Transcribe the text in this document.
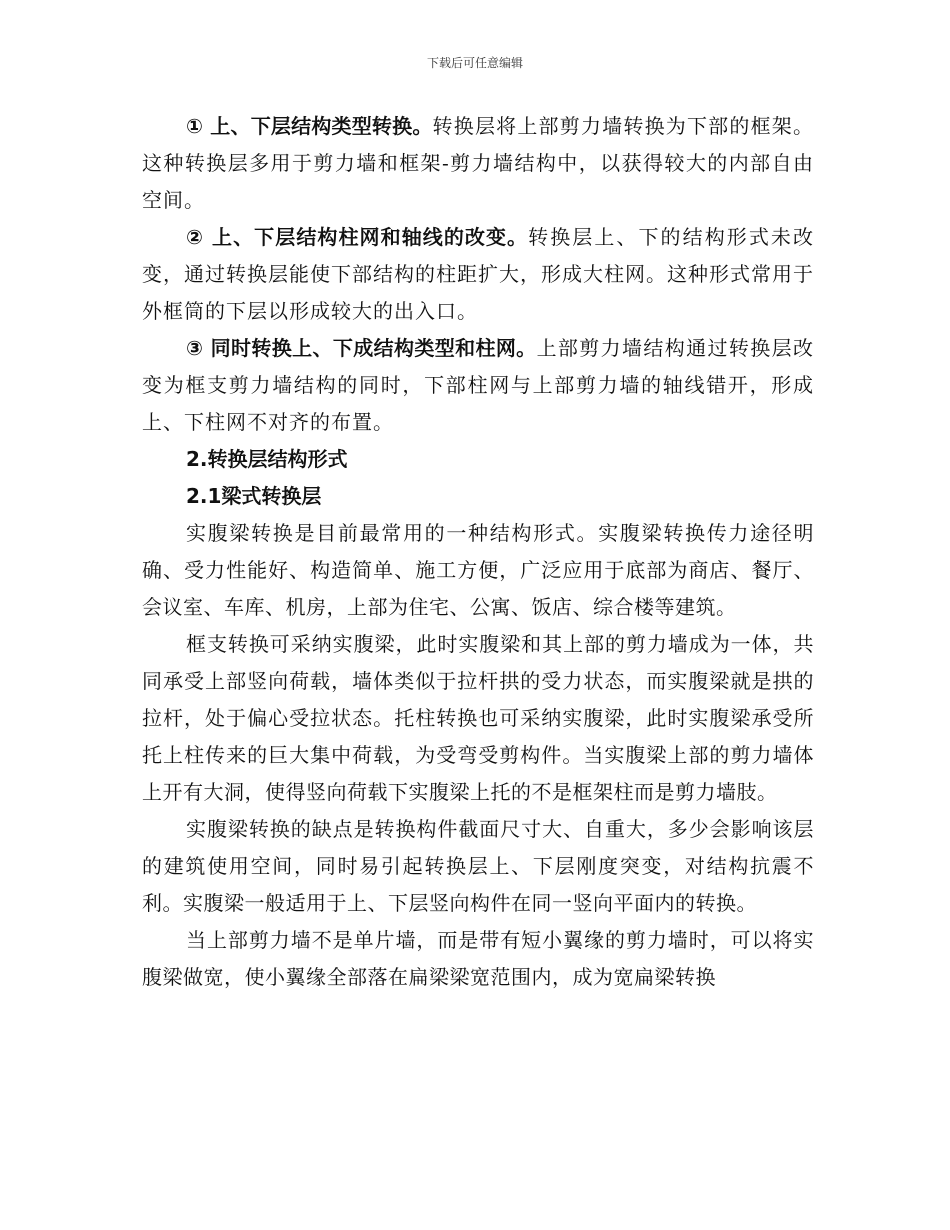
下载后可任意编辑

① 上、下层结构类型转换。转换层将上部剪力墙转换为下部的框架。这种转换层多用于剪力墙和框架-剪力墙结构中，以获得较大的内部自由空间。

② 上、下层结构柱网和轴线的改变。转换层上、下的结构形式未改变，通过转换层能使下部结构的柱距扩大，形成大柱网。这种形式常用于外框筒的下层以形成较大的出入口。

③ 同时转换上、下成结构类型和柱网。上部剪力墙结构通过转换层改变为框支剪力墙结构的同时，下部柱网与上部剪力墙的轴线错开，形成上、下柱网不对齐的布置。

2.转换层结构形式

2.1梁式转换层

实腹梁转换是目前最常用的一种结构形式。实腹梁转换传力途径明确、受力性能好、构造简单、施工方便，广泛应用于底部为商店、餐厅、会议室、车库、机房，上部为住宅、公寓、饭店、综合楼等建筑。

框支转换可采纳实腹梁，此时实腹梁和其上部的剪力墙成为一体，共同承受上部竖向荷载，墙体类似于拉杆拱的受力状态，而实腹梁就是拱的拉杆，处于偏心受拉状态。托柱转换也可采纳实腹梁，此时实腹梁承受所托上柱传来的巨大集中荷载，为受弯受剪构件。当实腹梁上部的剪力墙体上开有大洞，使得竖向荷载下实腹梁上托的不是框架柱而是剪力墙肢。

实腹梁转换的缺点是转换构件截面尺寸大、自重大，多少会影响该层的建筑使用空间，同时易引起转换层上、下层刚度突变，对结构抗震不利。实腹梁一般适用于上、下层竖向构件在同一竖向平面内的转换。

当上部剪力墙不是单片墙，而是带有短小翼缘的剪力墙时，可以将实腹梁做宽，使小翼缘全部落在扁梁梁宽范围内，成为宽扁梁转换
